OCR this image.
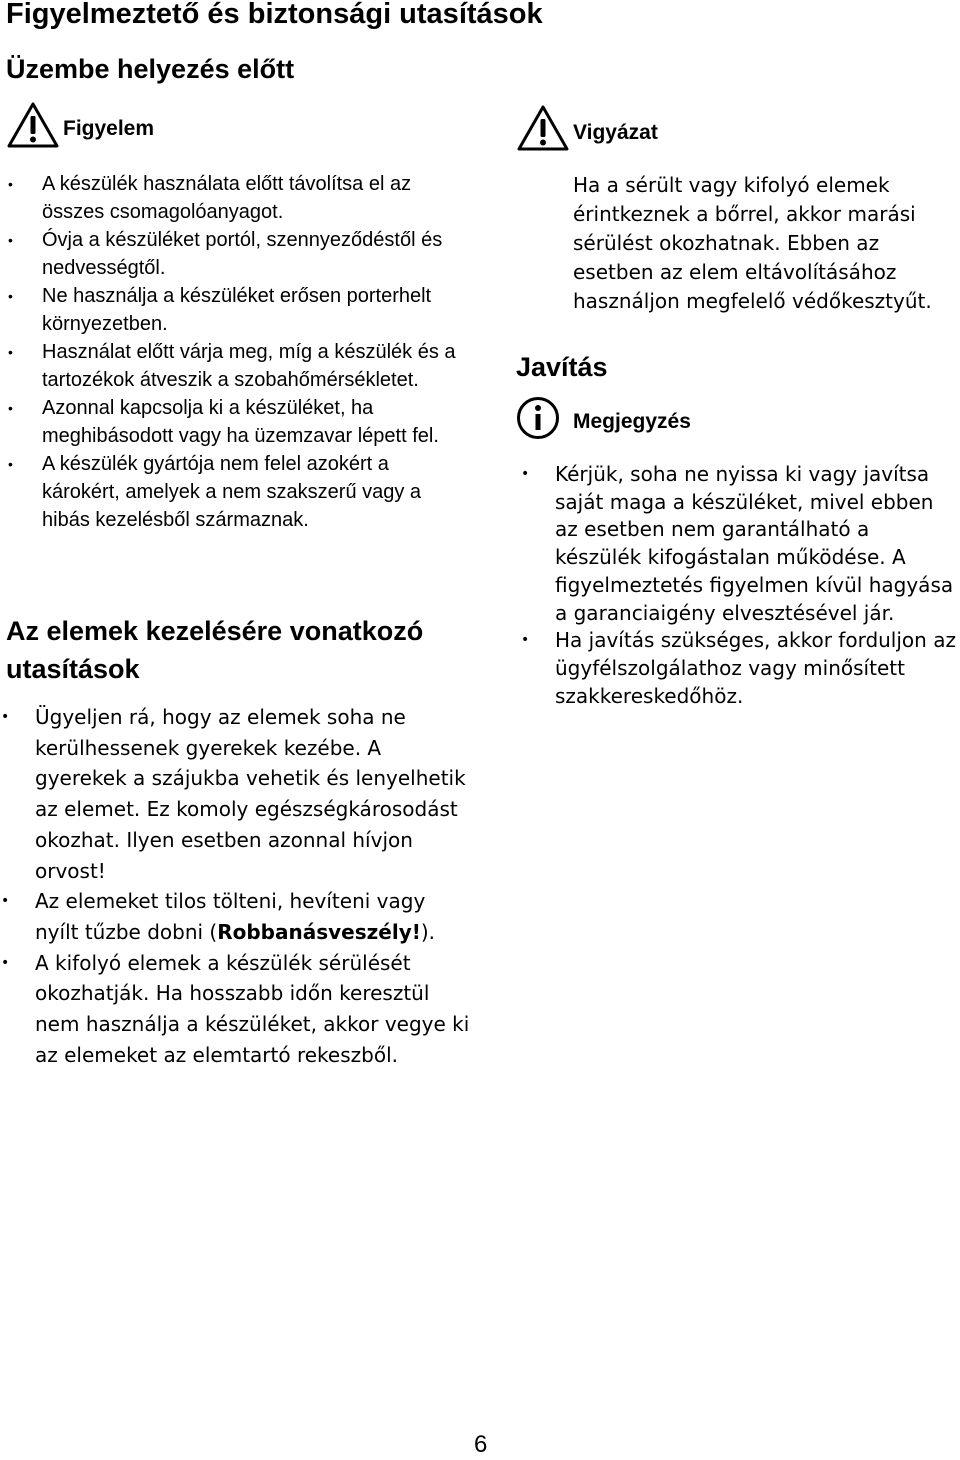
Figyelmeztető és biztonsági utasítások
Üzembe helyezés előtt
Figyelem
• A készülék használata előtt távolítsa el az összes csomagolóanyagot.
• Óvja a készüléket portól, szennyeződéstől és nedvességtől.
• Ne használja a készüléket erősen porterhelt környezetben.
• Használat előtt várja meg, míg a készülék és a tartozékok átveszik a szobahőmérsékletet.
• Azonnal kapcsolja ki a készüléket, ha meghibásodott vagy ha üzemzavar lépett fel.
• A készülék gyártója nem felel azokért a károkért, amelyek a nem szakszerű vagy a hibás kezelésből származnak.
Az elemek kezelésére vonatkozó utasítások
• Ügyeljen rá, hogy az elemek soha ne kerülhessenek gyerekek kezébe. A gyerekek a szájukba vehetik és lenyelhetik az elemet. Ez komoly egészségkárosodást okozhat. Ilyen esetben azonnal hívjon orvost!
• Az elemeket tilos tölteni, hevíteni vagy nyílt tűzbe dobni (Robbanásveszély!).
• A kifolyó elemek a készülék sérülését okozhatják. Ha hosszabb időn keresztül nem használja a készüléket, akkor vegye ki az elemeket az elemtartó rekeszből.
Vigyázat
Ha a sérült vagy kifolyó elemek érintkeznek a bőrrel, akkor marási sérülést okozhatnak. Ebben az esetben az elem eltávolításához használjon megfelelő védőkesztyűt.
Javítás
Megjegyzés
• Kérjük, soha ne nyissa ki vagy javítsa saját maga a készüléket, mivel ebben az esetben nem garantálható a készülék kifogástalan működése. A figyelmeztetés figyelmen kívül hagyása a garanciaigény elvesztésével jár.
• Ha javítás szükséges, akkor forduljon az ügyfélszolgálathoz vagy minősített szakkereskedőhöz.
6
